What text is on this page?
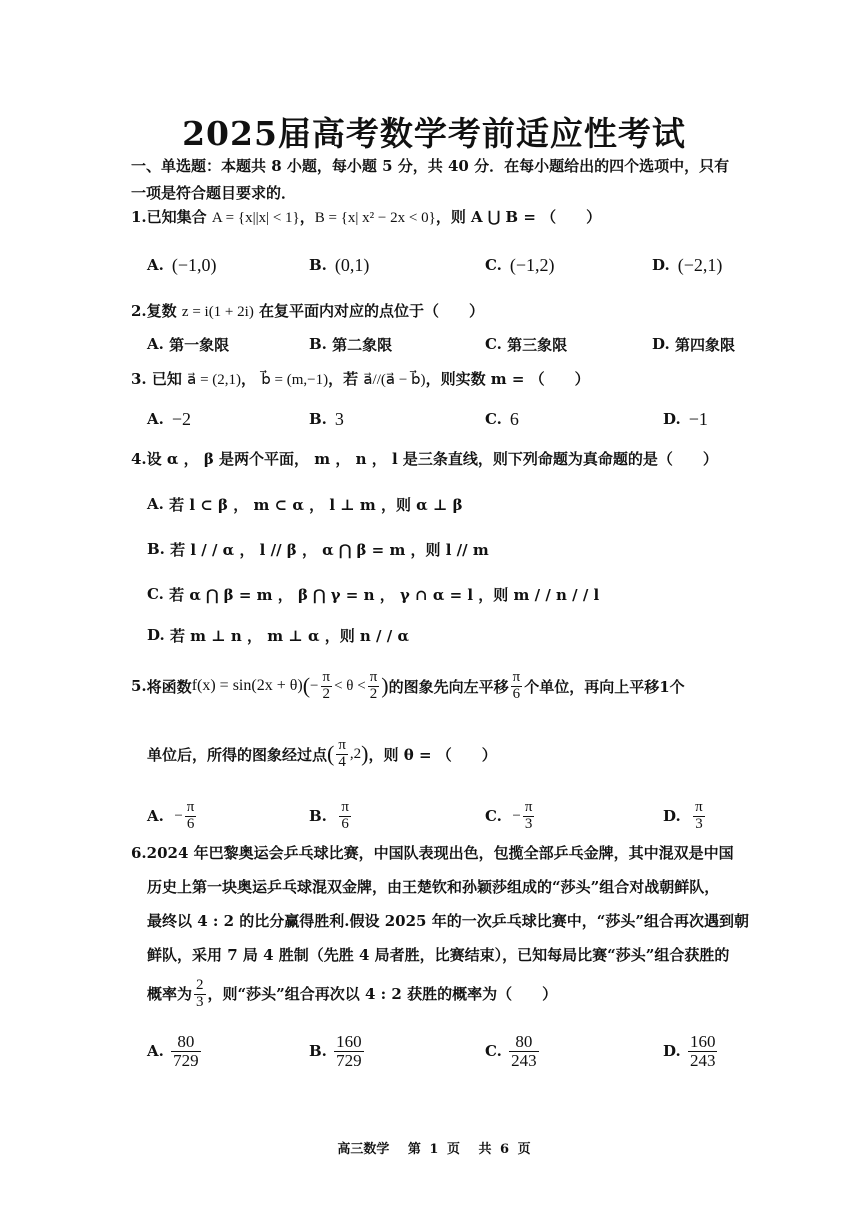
2025届高考数学考前适应性考试
一、单选题：本题共 8 小题，每小题 5 分，共 40 分．在每小题给出的四个选项中，只有一项是符合题目要求的．
1.已知集合 A = {x||x| < 1}，B = {x| x² − 2x < 0}，则 A ⋃ B = （　　）
A. (−1,0)	B. (0,1)	C. (−1,2)	D. (−2,1)
2.复数 z = i(1 + 2i) 在复平面内对应的点位于（　　）
A.
第一象限	B.
第二象限	C.
第三象限	D.
第四象限
3. 已知 a⃗ = (2,1)， b⃗ = (m,−1)，若 a⃗//(a⃗ − b⃗)，则实数 m = （　　）
A. −2	B. 3	C. 6	D. −1
4.设 α ， β 是两个平面， m ， n ， l 是三条直线，则下列命题为真命题的是（　　）
A.
若 l ⊂ β ， m ⊂ α ， l ⊥ m ，则 α ⊥ β
B.
若 l / / α ， l // β ， α ⋂ β = m ，则 l // m
C.
若 α ⋂ β = m ， β ⋂ γ = n ， γ ∩ α = l ，则 m / / n / / l
D.
若 m ⊥ n ， m ⊥ α ，则 n / / α
5. 将函数 f(x) = sin(2x + θ) ( − $\frac{\pi}{2} < \theta < \frac{\pi}{2}$ ) 的图象先向左平移 $\frac{\pi}{6}$ 个单位，再向上平移1个
单位后，所得的图象经过点 ( $\frac{\pi}{4} ,2$ ) ，则 θ = （　　）
A.
− $\frac{\pi}{6}$	B.
$\frac{\pi}{6}$	C.
− $\frac{\pi}{3}$	D.
$\frac{\pi}{3}$
6.2024 年巴黎奥运会乒乓球比赛，中国队表现出色，包揽全部乒乓金牌，其中混双是中国
历史上第一块奥运乒乓球混双金牌，由王楚钦和孙颖莎组成的“莎头”组合对战朝鲜队，
最终以 4 : 2 的比分赢得胜利.假设 2025 年的一次乒乓球比赛中，“莎头”组合再次遇到朝
鲜队，采用 7 局 4 胜制（先胜 4 局者胜，比赛结束），已知每局比赛“莎头”组合获胜的
概率为 $\frac{2}{3}$ ，则“莎头”组合再次以 4 : 2 获胜的概率为（　　）
A.
$\frac{80}{729}$	B.
$\frac{160}{729}$	C.
$\frac{80}{243}$	D.
$\frac{160}{243}$
高三数学 第 1 页 共 6 页
